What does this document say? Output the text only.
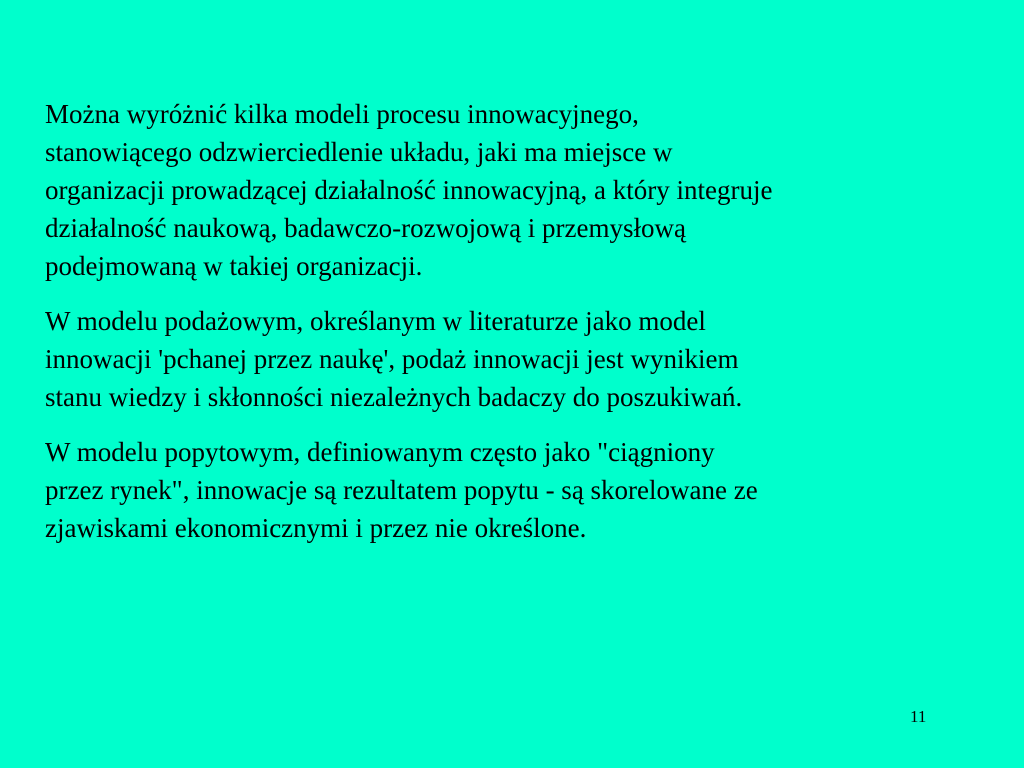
Można wyróżnić kilka modeli procesu innowacyjnego,
stanowiącego odzwierciedlenie układu, jaki ma miejsce w
organizacji prowadzącej działalność innowacyjną, a który integruje
działalność naukową, badawczo-rozwojową i przemysłową
podejmowaną w takiej organizacji.

W modelu podażowym, określanym w literaturze jako model
innowacji 'pchanej przez naukę', podaż innowacji jest wynikiem
stanu wiedzy i skłonności niezależnych badaczy do poszukiwań.

W modelu popytowym, definiowanym często jako "ciągniony
przez rynek", innowacje są rezultatem popytu - są skorelowane ze
zjawiskami ekonomicznymi i przez nie określone.

11
